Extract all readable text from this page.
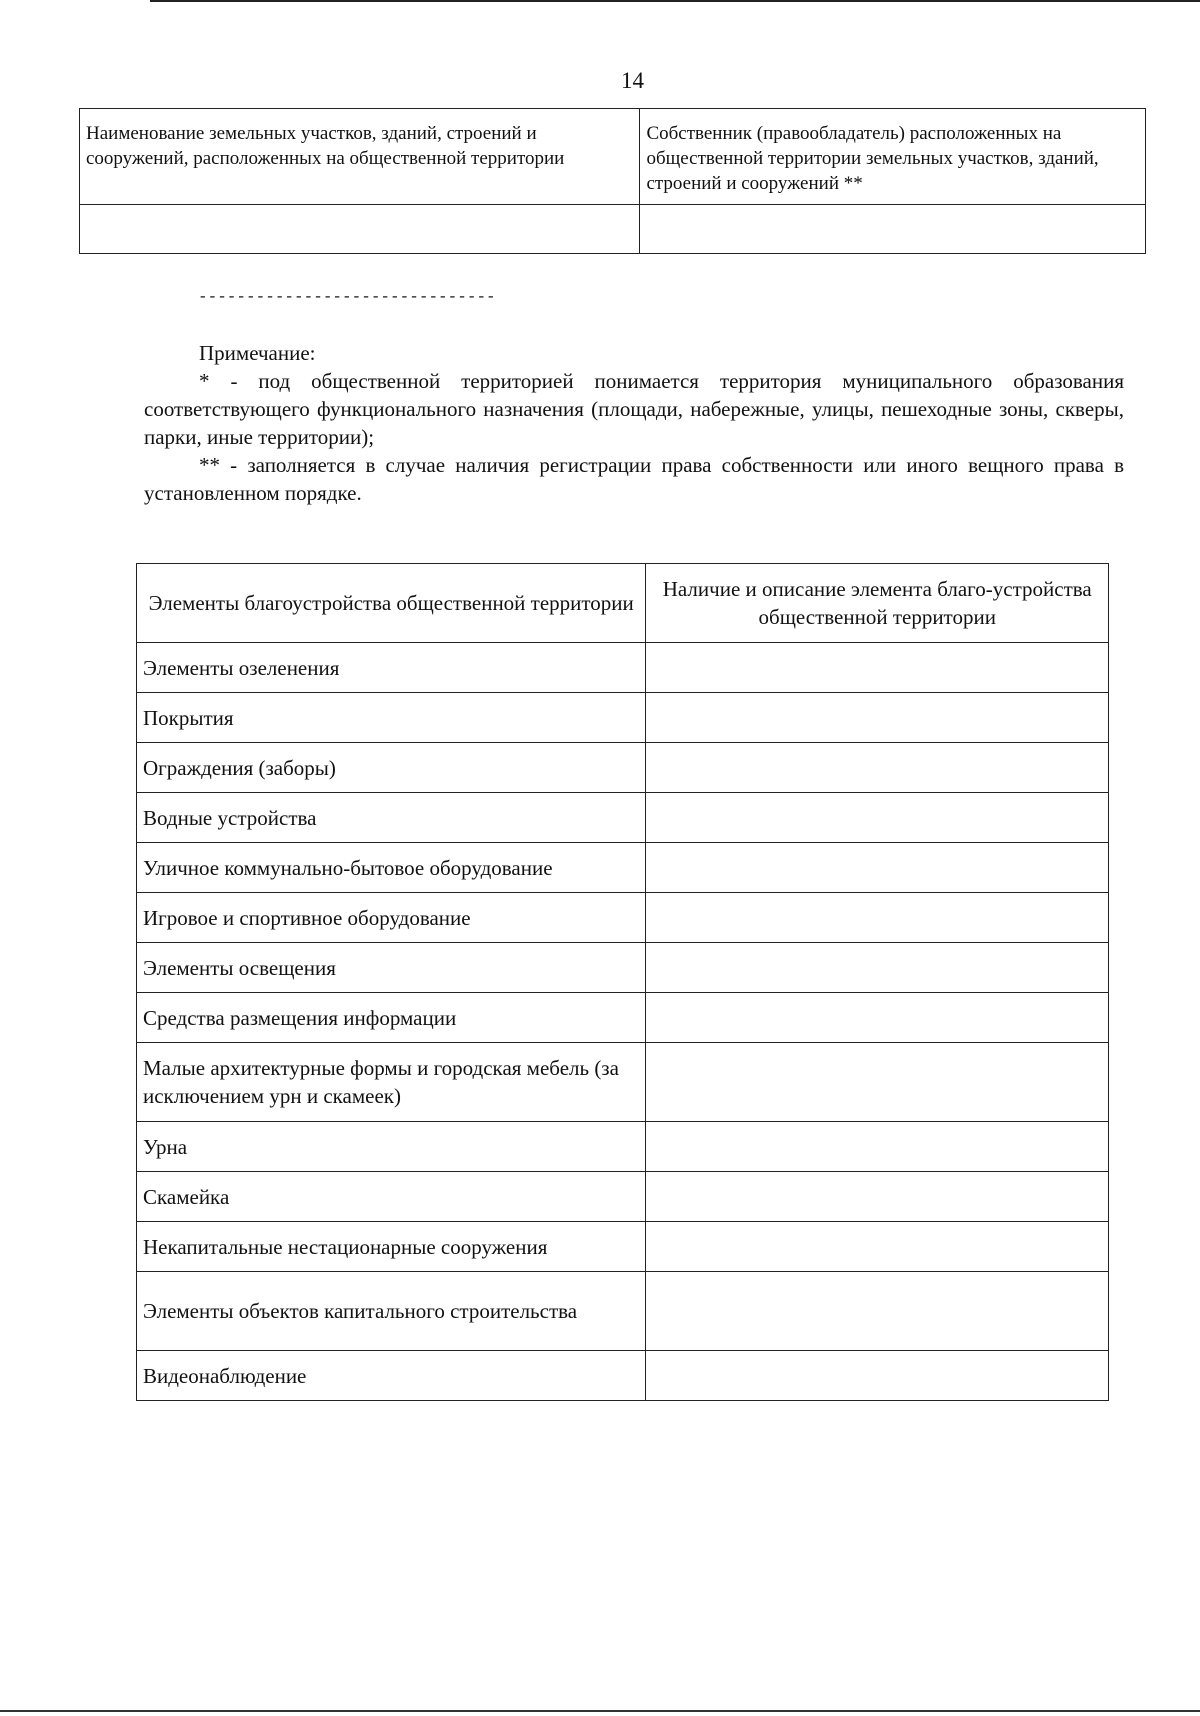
14
Наименование земельных участков, зданий, строений и сооружений, расположенных на общественной территории	Собственник (правообладатель) расположенных на общественной территории земельных участков, зданий, строений и сооружений **

-------------------------------

Примечание:

* - под общественной территорией понимается территория муниципального образования соответствующего функционального назначения (площади, набережные, улицы, пешеходные зоны, скверы, парки, иные территории);

** - заполняется в случае наличия регистрации права собственности или иного вещного права в установленном порядке.

Элементы благоустройства общественной территории	Наличие и описание элемента благо-устройства общественной территории
Элементы озеленения	
Покрытия	
Ограждения (заборы)	
Водные устройства	
Уличное коммунально-бытовое оборудование	
Игровое и спортивное оборудование	
Элементы освещения	
Средства размещения информации	
Малые архитектурные формы и городская мебель (за исключением урн и скамеек)	
Урна	
Скамейка	
Некапитальные нестационарные сооружения	
Элементы объектов капитального строительства	
Видеонаблюдение	
